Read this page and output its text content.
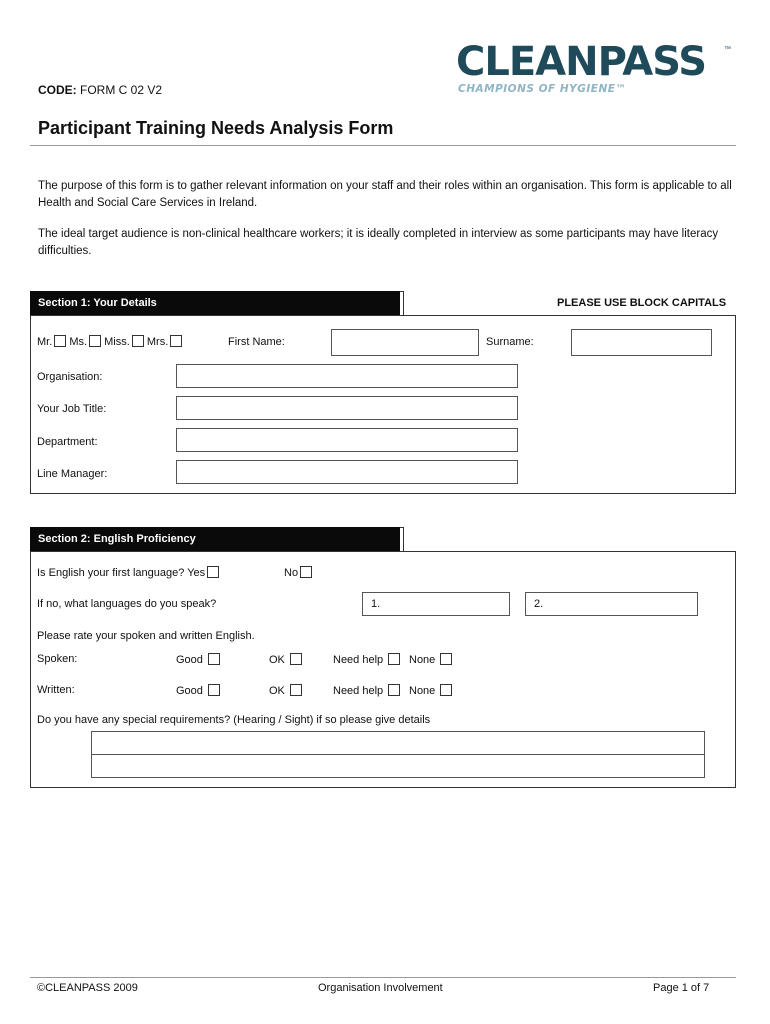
CODE: FORM C 02 V2
CLEANPASS	™
CHAMPIONS OF HYGIENE™
Participant Training Needs Analysis Form
The purpose of this form is to gather relevant information on your staff and their roles within an organisation. This form is applicable to all Health and Social Care Services in Ireland.
The ideal target audience is non-clinical healthcare workers; it is ideally completed in interview as some participants may have literacy difficulties.
Section 1: Your Details	PLEASE USE BLOCK CAPITALS
Mr. Ms. Miss. Mrs.	First Name:	Surname:
Organisation:
Your Job Title:
Department:
Line Manager:
Section 2: English Proficiency
Is English your first language? Yes	No
If no, what languages do you speak?	1.	2.
Please rate your spoken and written English.
Spoken:	Good	OK	Need help	None
Written:	Good	OK	Need help	None
Do you have any special requirements? (Hearing / Sight) if so please give details
©CLEANPASS 2009	Organisation Involvement	Page 1 of 7
